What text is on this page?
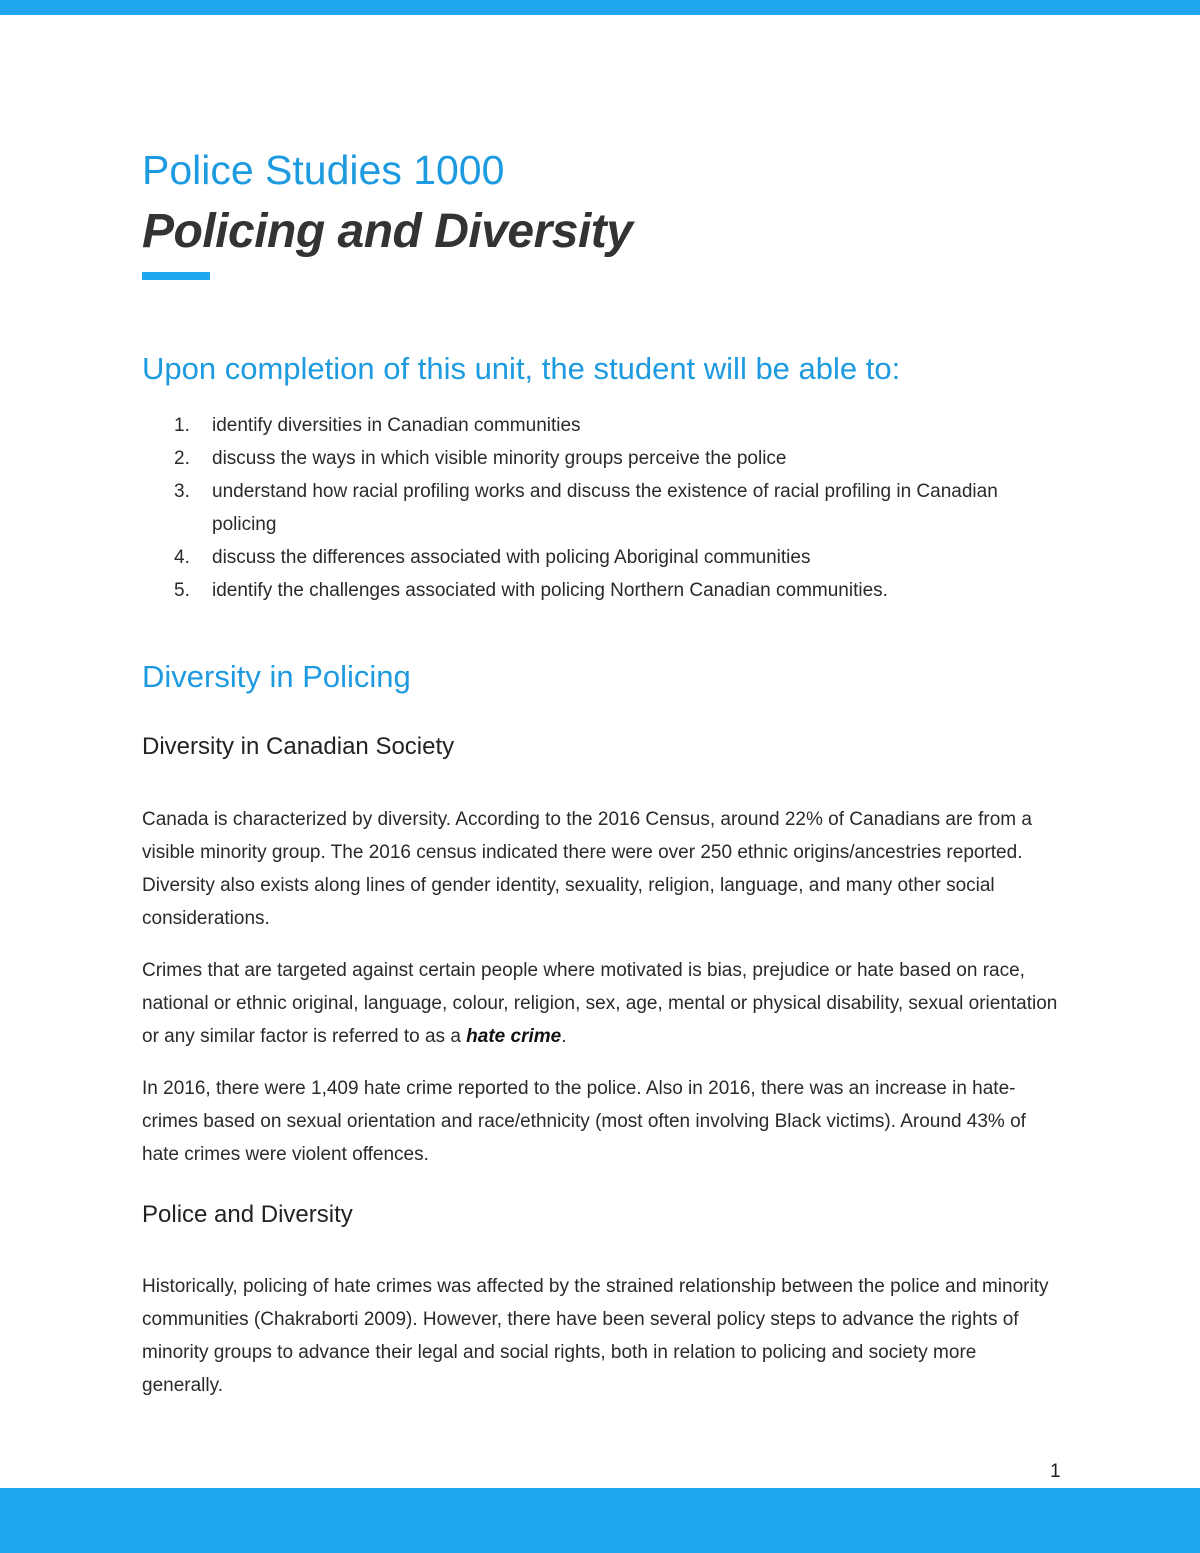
Police Studies 1000
Policing and Diversity
Upon completion of this unit, the student will be able to:
1. identify diversities in Canadian communities
2. discuss the ways in which visible minority groups perceive the police
3. understand how racial profiling works and discuss the existence of racial profiling in Canadian policing
4. discuss the differences associated with policing Aboriginal communities
5. identify the challenges associated with policing Northern Canadian communities.
Diversity in Policing
Diversity in Canadian Society

Canada is characterized by diversity. According to the 2016 Census, around 22% of Canadians are from a visible minority group. The 2016 census indicated there were over 250 ethnic origins/ancestries reported. Diversity also exists along lines of gender identity, sexuality, religion, language, and many other social considerations.

Crimes that are targeted against certain people where motivated is bias, prejudice or hate based on race, national or ethnic original, language, colour, religion, sex, age, mental or physical disability, sexual orientation or any similar factor is referred to as a hate crime.

In 2016, there were 1,409 hate crime reported to the police. Also in 2016, there was an increase in hate-crimes based on sexual orientation and race/ethnicity (most often involving Black victims). Around 43% of hate crimes were violent offences.

Police and Diversity

Historically, policing of hate crimes was affected by the strained relationship between the police and minority communities (Chakraborti 2009). However, there have been several policy steps to advance the rights of minority groups to advance their legal and social rights, both in relation to policing and society more generally.

1
